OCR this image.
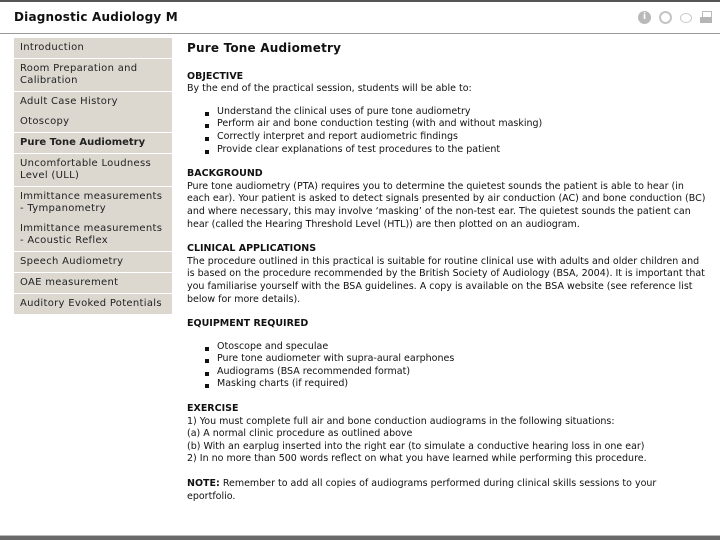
Diagnostic Audiology M
i
Introduction
Room Preparation and Calibration
Adult Case History
Otoscopy
Pure Tone Audiometry
Uncomfortable Loudness Level (ULL)
Immittance measurements - Tympanometry
Immittance measurements - Acoustic Reflex
Speech Audiometry
OAE measurement
Auditory Evoked Potentials
Pure Tone Audiometry
OBJECTIVE

By the end of the practical session, students will be able to:

Understand the clinical uses of pure tone audiometry
Perform air and bone conduction testing (with and without masking)
Correctly interpret and report audiometric findings
Provide clear explanations of test procedures to the patient
BACKGROUND

Pure tone audiometry (PTA) requires you to determine the quietest sounds the patient is able to hear (in each ear). Your patient is asked to detect signals presented by air conduction (AC) and bone conduction (BC) and where necessary, this may involve ‘masking’ of the non-test ear. The quietest sounds the patient can hear (called the Hearing Threshold Level (HTL)) are then plotted on an audiogram.

CLINICAL APPLICATIONS

The procedure outlined in this practical is suitable for routine clinical use with adults and older children and is based on the procedure recommended by the British Society of Audiology (BSA, 2004). It is important that you familiarise yourself with the BSA guidelines. A copy is available on the BSA website (see reference list below for more details).

EQUIPMENT REQUIRED
Otoscope and speculae
Pure tone audiometer with supra-aural earphones
Audiograms (BSA recommended format)
Masking charts (if required)
EXERCISE

1) You must complete full air and bone conduction audiograms in the following situations:

(a) A normal clinic procedure as outlined above

(b) With an earplug inserted into the right ear (to simulate a conductive hearing loss in one ear)

2) In no more than 500 words reflect on what you have learned while performing this procedure.

NOTE: Remember to add all copies of audiograms performed during clinical skills sessions to your eportfolio.
